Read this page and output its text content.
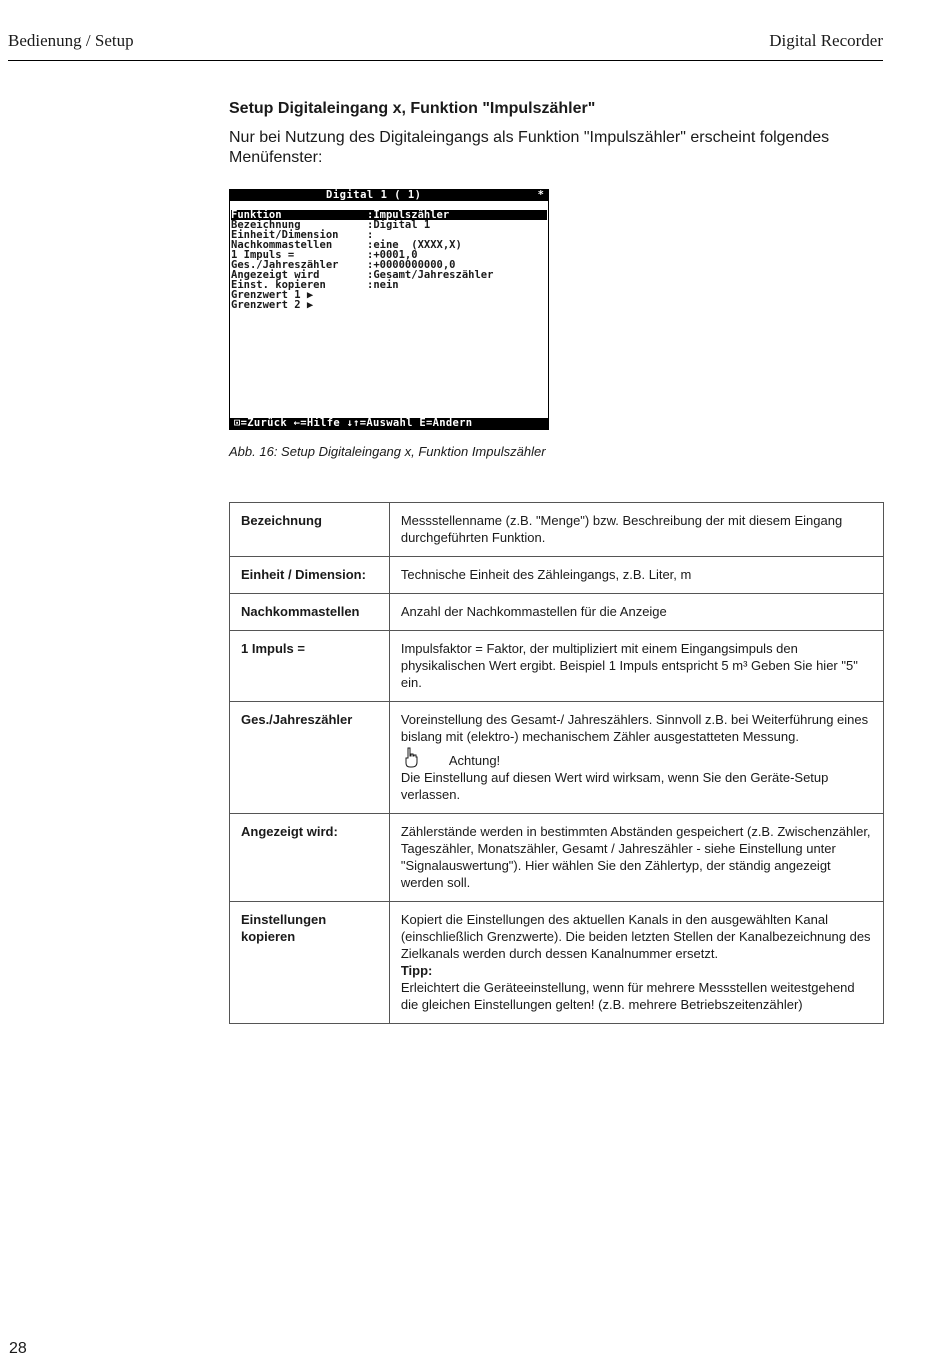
Bedienung / Setup	Digital Recorder
Setup Digitaleingang x, Funktion "Impulszähler"
Nur bei Nutzung des Digitaleingangs als Funktion "Impulszähler" erscheint folgendes Menüfenster:
Digital 1 ( 1)	*
Funktion	:Impulszähler
Bezeichnung	:Digital 1
Einheit/Dimension	:
Nachkommastellen	:eine  (XXXX,X)
1 Impuls =	:+0001,0
Ges./Jahreszähler	:+0000000000,0
Angezeigt wird	:Gesamt/Jahreszähler
Einst. kopieren	:nein
Grenzwert 1 ▶
Grenzwert 2 ▶

⊡=Zurück ←=Hilfe ↓↑=Auswahl E=Ändern

Abb. 16: Setup Digitaleingang x, Funktion Impulszähler
Bezeichnung	Messstellenname (z.B. "Menge") bzw. Beschreibung der mit diesem Eingang durchgeführten Funktion.

Einheit / Dimension:	Technische Einheit des Zähleingangs, z.B. Liter, m

Nachkommastellen	Anzahl der Nachkommastellen für die Anzeige

1 Impuls =	Impulsfaktor = Faktor, der multipliziert mit einem Eingangsimpuls den physikalischen Wert ergibt. Beispiel 1 Impuls entspricht 5 m³ Geben Sie hier "5" ein.

Ges./Jahreszähler	Voreinstellung des Gesamt-/ Jahreszählers. Sinnvoll z.B. bei Weiterführung eines bislang mit (elektro-) mechanischem Zähler ausgestatteten Messung.
Achtung!
Die Einstellung auf diesen Wert wird wirksam, wenn Sie den Geräte-Setup verlassen.

Angezeigt wird:	Zählerstände werden in bestimmten Abständen gespeichert (z.B. Zwischenzähler, Tageszähler, Monatszähler, Gesamt / Jahreszähler - siehe Einstellung unter "Signalauswertung"). Hier wählen Sie den Zählertyp, der ständig angezeigt werden soll.

Einstellungen kopieren	Kopiert die Einstellungen des aktuellen Kanals in den ausgewählten Kanal (einschließlich Grenzwerte). Die beiden letzten Stellen der Kanalbezeichnung des Zielkanals werden durch dessen Kanalnummer ersetzt.
Tipp:
Erleichtert die Geräteeinstellung, wenn für mehrere Messstellen weitestgehend die gleichen Einstellungen gelten! (z.B. mehrere Betriebszeitenzähler)
28
